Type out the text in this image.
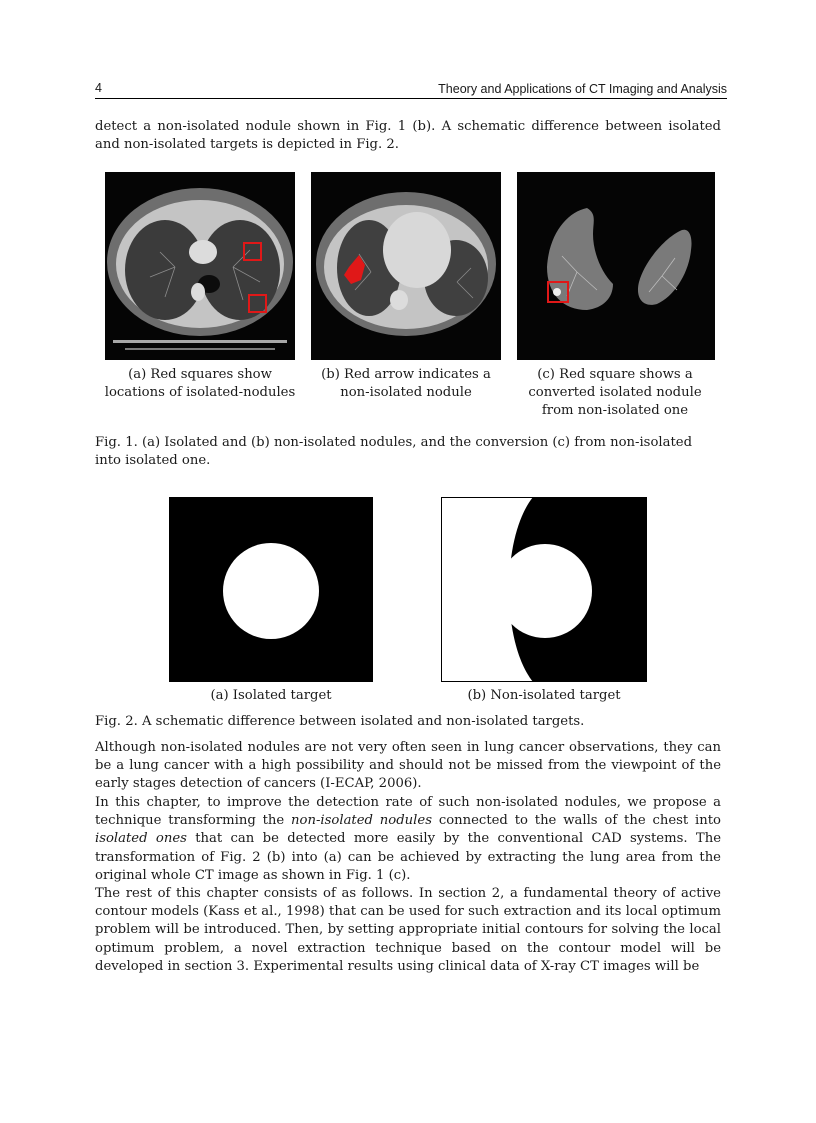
4	Theory and Applications of CT Imaging and Analysis

detect a non-isolated nodule shown in Fig. 1 (b). A schematic difference between isolated and non-isolated targets is depicted in Fig. 2.

(a) Red squares show
locations of isolated-nodules
(b) Red arrow indicates a
non-isolated nodule
(c) Red square shows a
converted isolated nodule
from non-isolated one

Fig. 1. (a) Isolated and (b) non-isolated nodules, and the conversion (c) from non-isolated
into isolated one.

(a) Isolated target	(b) Non-isolated target

Fig. 2. A schematic difference between isolated and non-isolated targets.

Although non-isolated nodules are not very often seen in lung cancer observations, they can be a lung cancer with a high possibility and should not be missed from the viewpoint of the early stages detection of cancers (I-ECAP, 2006).

In this chapter, to improve the detection rate of such non-isolated nodules, we propose a technique transforming the non-isolated nodules connected to the walls of the chest into isolated ones that can be detected more easily by the conventional CAD systems. The transformation of Fig. 2 (b) into (a) can be achieved by extracting the lung area from the original whole CT image as shown in Fig. 1 (c).

The rest of this chapter consists of as follows. In section 2, a fundamental theory of active contour models (Kass et al., 1998) that can be used for such extraction and its local optimum problem will be introduced. Then, by setting appropriate initial contours for solving the local optimum problem, a novel extraction technique based on the contour model will be developed in section 3. Experimental results using clinical data of X-ray CT images will be
